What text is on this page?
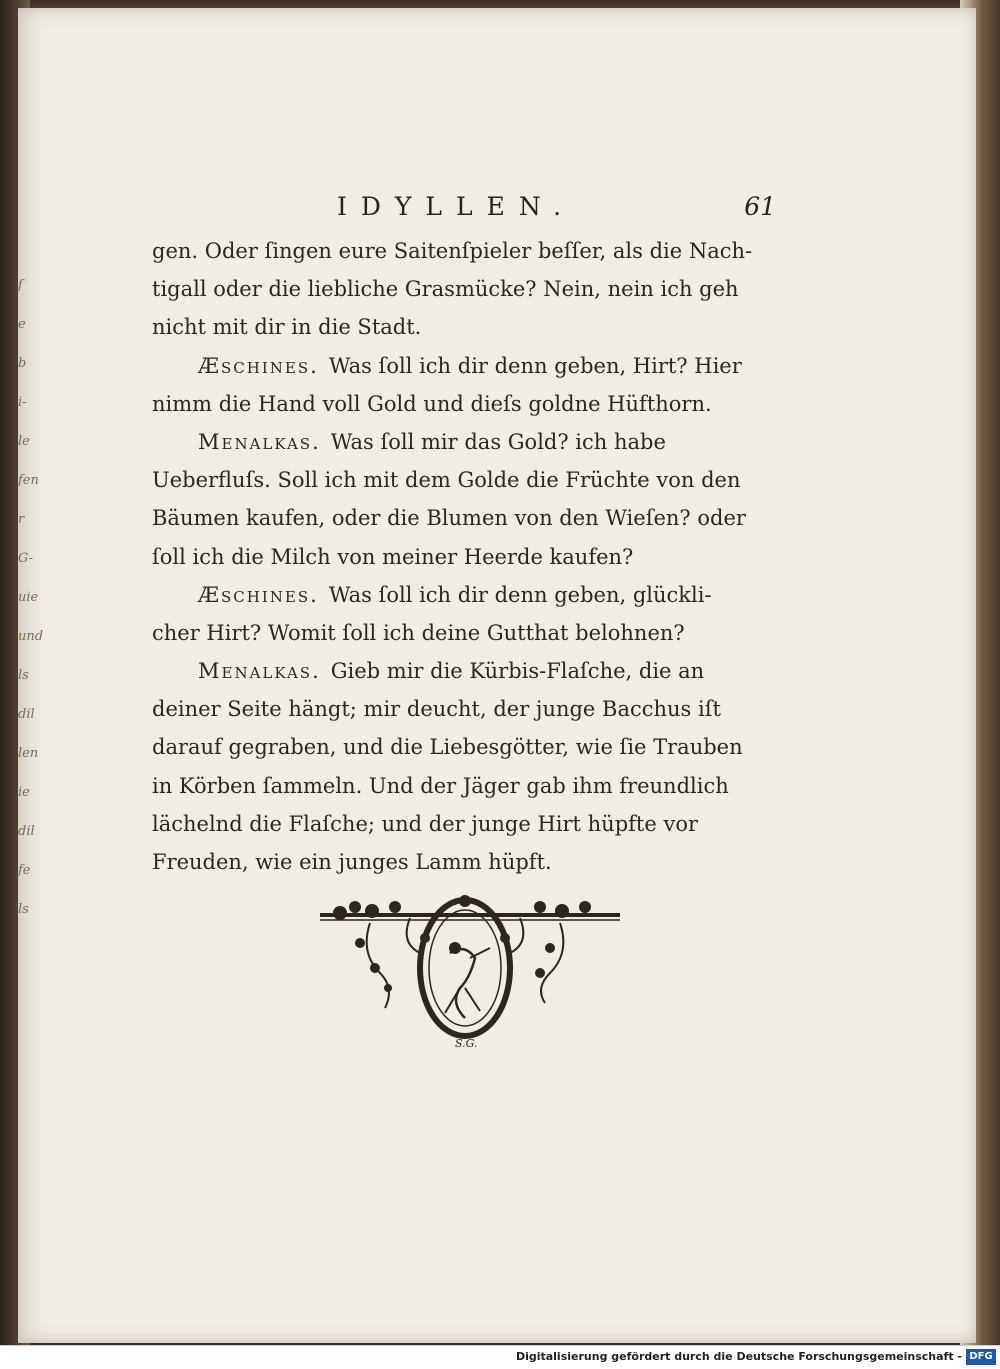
ſ
e
b
i-
le
fen
r
G-
uie
und
ls
dil
len
ie
dil
fe
ls
IDYLLEN.	61
gen. Oder ſingen eure Saitenſpieler beſſer, als die Nach-
tigall oder die liebliche Grasmücke? Nein, nein ich geh
nicht mit dir in die Stadt.
Æschines. Was ſoll ich dir denn geben, Hirt? Hier
nimm die Hand voll Gold und dieſs goldne Hüfthorn.
Menalkas. Was ſoll mir das Gold? ich habe
Ueberfluſs. Soll ich mit dem Golde die Früchte von den
Bäumen kaufen, oder die Blumen von den Wieſen? oder
ſoll ich die Milch von meiner Heerde kaufen?
Æschines. Was ſoll ich dir denn geben, glückli-
cher Hirt? Womit ſoll ich deine Gutthat belohnen?
Menalkas. Gieb mir die Kürbis-Flaſche, die an
deiner Seite hängt; mir deucht, der junge Bacchus iſt
darauf gegraben, und die Liebesgötter, wie ſie Trauben
in Körben ſammeln. Und der Jäger gab ihm freundlich
lächelnd die Flaſche; und der junge Hirt hüpfte vor
Freuden, wie ein junges Lamm hüpft.
S.G.
Digitalisierung gefördert durch die Deutsche Forschungsgemeinschaft - DFG
